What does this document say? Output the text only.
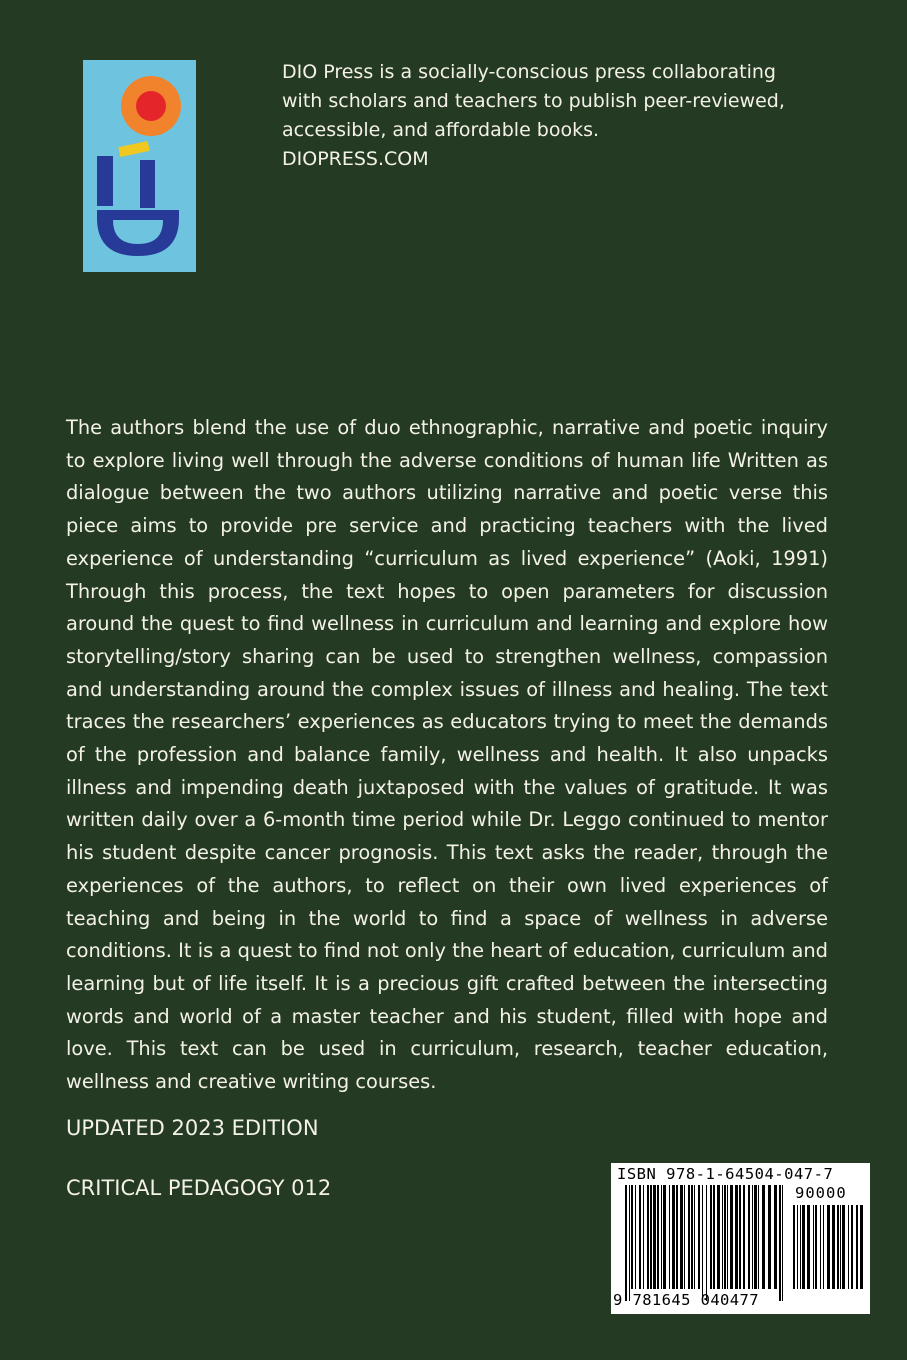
DIO Press is a socially-conscious press collaborating
with scholars and teachers to publish peer-reviewed,
accessible, and affordable books.
DIOPRESS.COM

The authors blend the use of duo ethnographic, narrative and poetic inquiry to explore living well through the adverse conditions of human life Written as dialogue between the two authors utilizing narrative and poetic verse this piece aims to provide pre service and practicing teachers with the lived experience of understanding “curriculum as lived experience” (Aoki, 1991) Through this process, the text hopes to open parameters for discussion around the quest to find wellness in curriculum and learning and explore how storytelling/story sharing can be used to strengthen wellness, compassion and understanding around the complex issues of illness and healing. The text traces the researchers’ experiences as educators trying to meet the demands of the profession and balance family, wellness and health. It also unpacks illness and impending death juxtaposed with the values of gratitude. It was written daily over a 6-month time period while Dr. Leggo continued to mentor his student despite cancer prognosis. This text asks the reader, through the experiences of the authors, to reflect on their own lived experiences of teaching and being in the world to find a space of wellness in adverse conditions. It is a quest to find not only the heart of education, curriculum and learning but of life itself. It is a precious gift crafted between the intersecting words and world of a master teacher and his student, filled with hope and love. This text can be used in curriculum, research, teacher education, wellness and creative writing courses.

UPDATED 2023 EDITION

CRITICAL PEDAGOGY 012

ISBN 978-1-64504-047-7
90000
9 781645 040477
